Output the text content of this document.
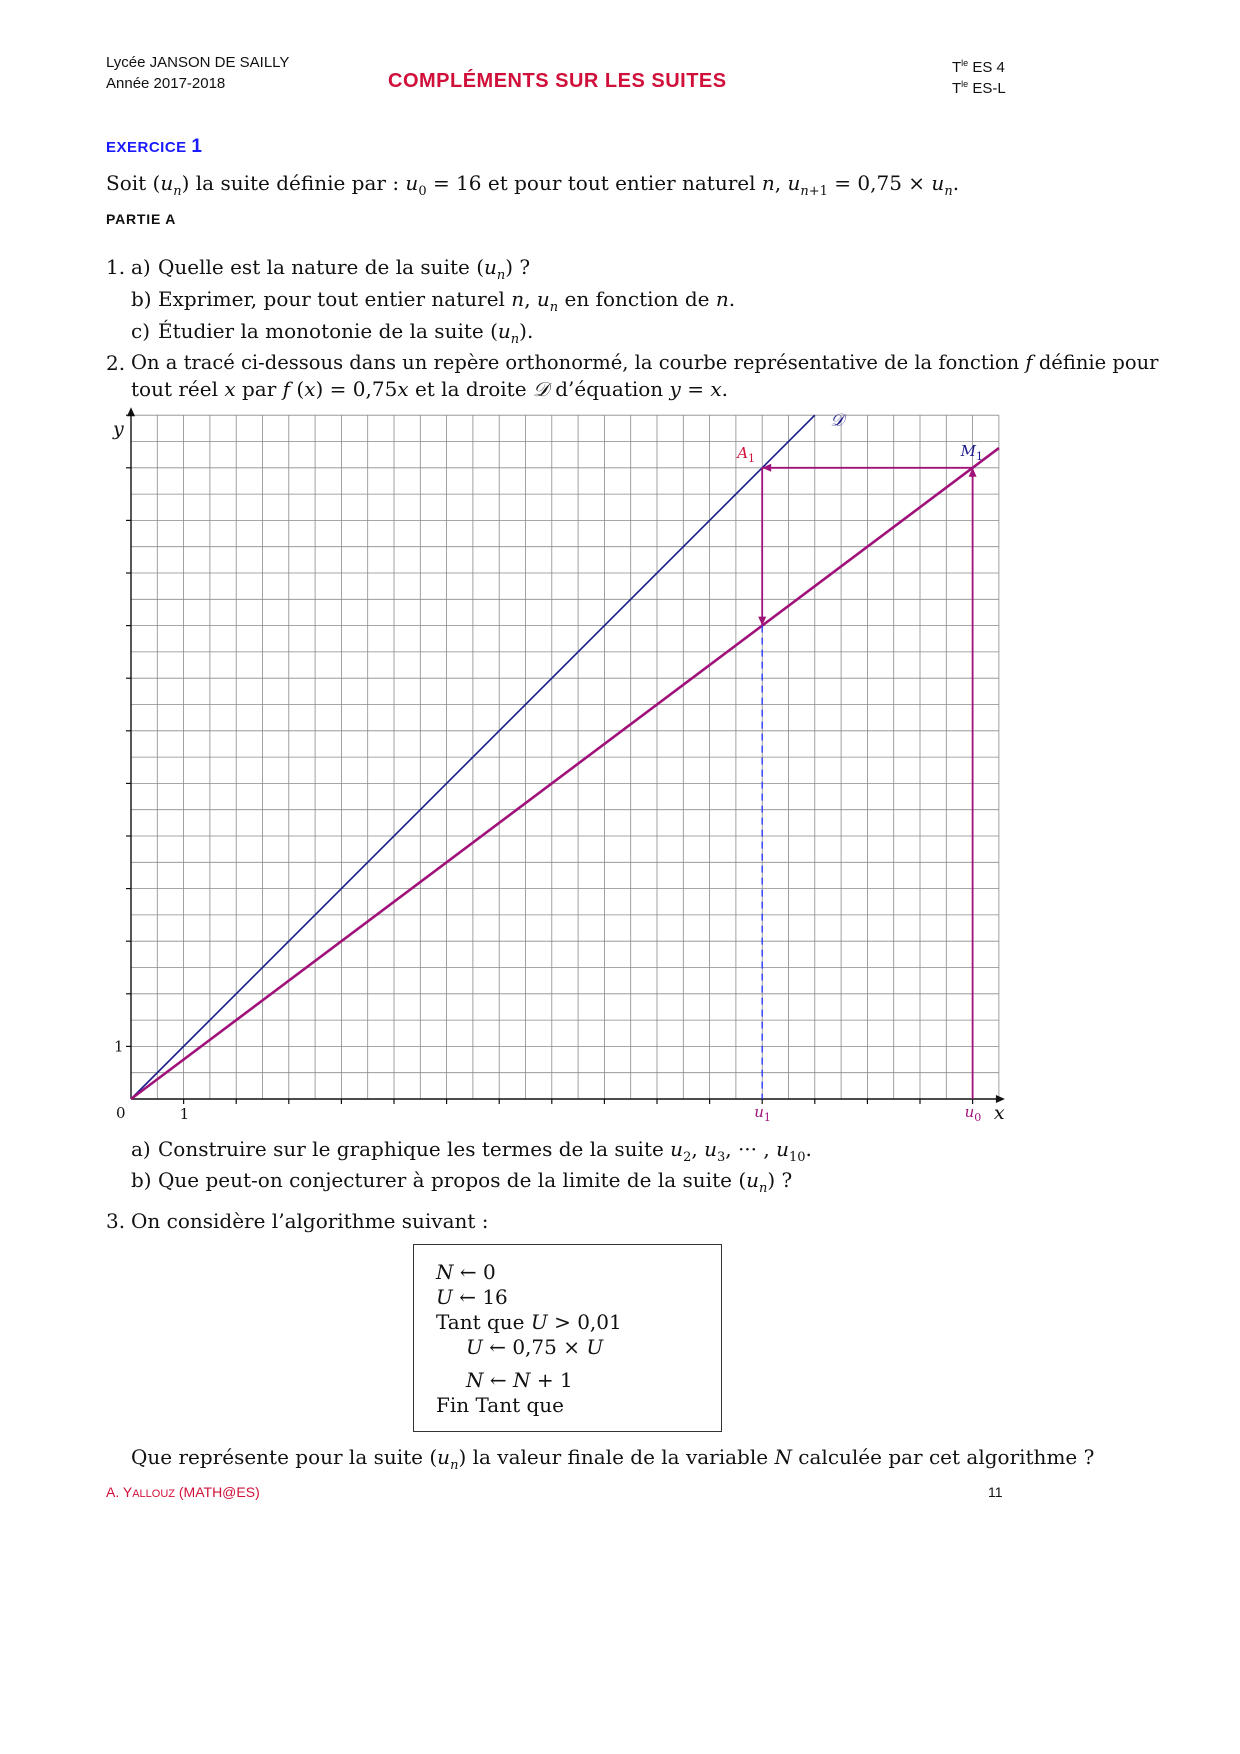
Lycée JANSON DE SAILLY
Année 2017-2018	COMPLÉMENTS SUR LES SUITES
$T^{le}$ ES 4
$T^{le}$ ES-L
EXERCICE 1
Soit $(u_n)$ la suite définie par : $u_0 = 16$ et pour tout entier naturel n, $u_{n+1} = 0,75 \times u_n$.
PARTIE A
1. a) Quelle est la nature de la suite $(u_n)$ ?
b) Exprimer, pour tout entier naturel n, $u_n$ en fonction de n.
c) Étudier la monotonie de la suite $(u_n)$.
2. On a tracé ci-dessous dans un repère orthonormé, la courbe représentative de la fonction f définie pour
tout réel x par f (x) = 0,75x et la droite 𝒟 d’équation y = x.
0	1
1
x
y
$u_1$	$u_0$
$A_1$	$M_1$
𝒟
a) Construire sur le graphique les termes de la suite $u_2$, $u_3$, ··· , $u_{10}$.
b) Que peut-on conjecturer à propos de la limite de la suite $(u_n)$ ?
3. On considère l’algorithme suivant :
N ← 0
U ← 16
Tant que U > 0,01
U ← 0,75 × U
N ← N + 1
Fin Tant que
Que représente pour la suite $(u_n)$ la valeur finale de la variable N calculée par cet algorithme ?
A. YALLOUZ (MATH@ES)	11
